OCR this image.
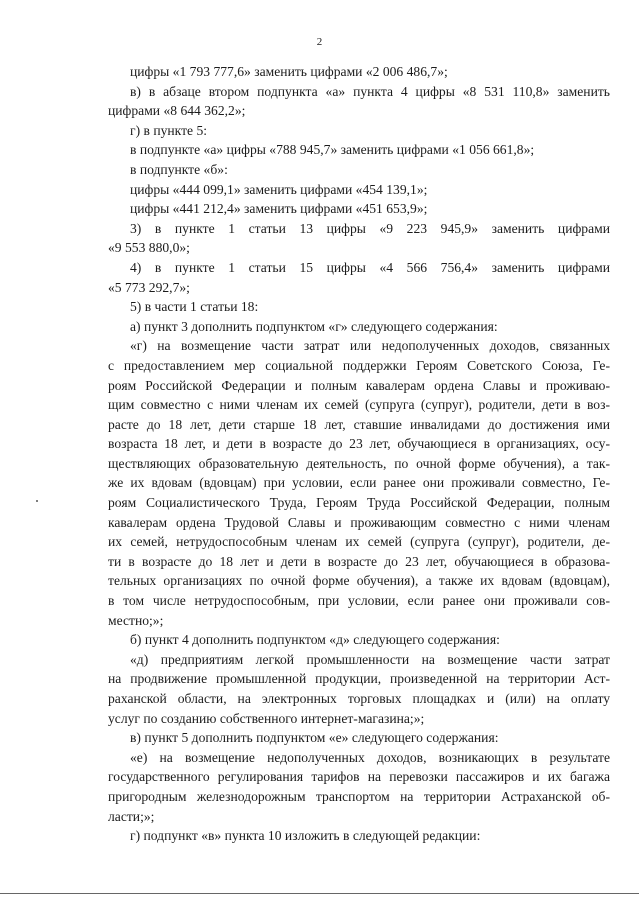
2
цифры «1 793 777,6» заменить цифрами «2 006 486,7»;
в) в абзаце втором подпункта «а» пункта 4 цифры «8 531 110,8» заменить
цифрами «8 644 362,2»;
г) в пункте 5:
в подпункте «а» цифры «788 945,7» заменить цифрами «1 056 661,8»;
в подпункте «б»:
цифры «444 099,1» заменить цифрами «454 139,1»;
цифры «441 212,4» заменить цифрами «451 653,9»;
3) в пункте 1 статьи 13 цифры «9 223 945,9» заменить цифрами
«9 553 880,0»;
4) в пункте 1 статьи 15 цифры «4 566 756,4» заменить цифрами
«5 773 292,7»;
5) в части 1 статьи 18:
а) пункт 3 дополнить подпунктом «г» следующего содержания:
«г) на возмещение части затрат или недополученных доходов, связанных
с предоставлением мер социальной поддержки Героям Советского Союза, Ге-
роям Российской Федерации и полным кавалерам ордена Славы и проживаю-
щим совместно с ними членам их семей (супруга (супруг), родители, дети в воз-
расте до 18 лет, дети старше 18 лет, ставшие инвалидами до достижения ими
возраста 18 лет, и дети в возрасте до 23 лет, обучающиеся в организациях, осу-
ществляющих образовательную деятельность, по очной форме обучения), а так-
же их вдовам (вдовцам) при условии, если ранее они проживали совместно, Ге-
роям Социалистического Труда, Героям Труда Российской Федерации, полным
кавалерам ордена Трудовой Славы и проживающим совместно с ними членам
их семей, нетрудоспособным членам их семей (супруга (супруг), родители, де-
ти в возрасте до 18 лет и дети в возрасте до 23 лет, обучающиеся в образова-
тельных организациях по очной форме обучения), а также их вдовам (вдовцам),
в том числе нетрудоспособным, при условии, если ранее они проживали сов-
местно;»;
б) пункт 4 дополнить подпунктом «д» следующего содержания:
«д) предприятиям легкой промышленности на возмещение части затрат
на продвижение промышленной продукции, произведенной на территории Аст-
раханской области, на электронных торговых площадках и (или) на оплату
услуг по созданию собственного интернет-магазина;»;
в) пункт 5 дополнить подпунктом «е» следующего содержания:
«е) на возмещение недополученных доходов, возникающих в результате
государственного регулирования тарифов на перевозки пассажиров и их багажа
пригородным железнодорожным транспортом на территории Астраханской об-
ласти;»;
г) подпункт «в» пункта 10 изложить в следующей редакции:
